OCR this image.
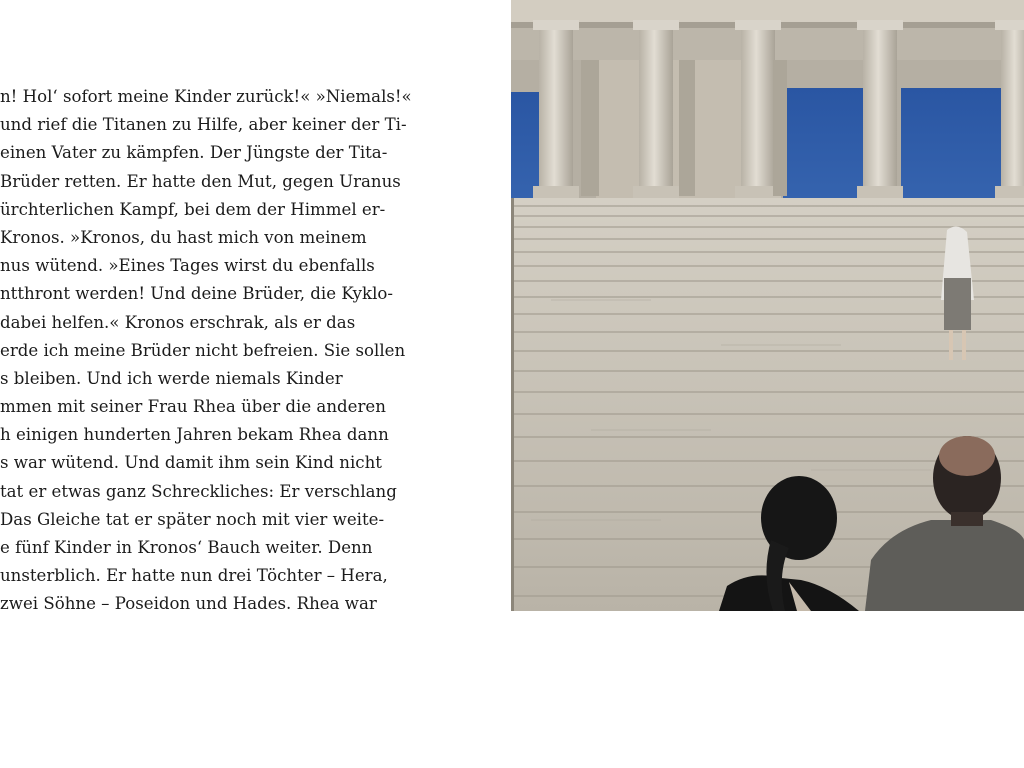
n! Hol‘ sofort meine Kinder zurück!« »Niemals!«
und rief die Titanen zu Hilfe, aber keiner der Ti-
einen Vater zu kämpfen. Der Jüngste der Tita-
Brüder retten. Er hatte den Mut, gegen Uranus
ürchterlichen Kampf, bei dem der Himmel er-
Kronos. »Kronos, du hast mich von meinem
nus wütend. »Eines Tages wirst du ebenfalls
ntthront werden! Und deine Brüder, die Kyklo-
dabei helfen.« Kronos erschrak, als er das
erde ich meine Brüder nicht befreien. Sie sollen
s bleiben. Und ich werde niemals Kinder
mmen mit seiner Frau Rhea über die anderen
h einigen hunderten Jahren bekam Rhea dann
s war wütend. Und damit ihm sein Kind nicht
tat er etwas ganz Schreckliches: Er verschlang
Das Gleiche tat er später noch mit vier weite-
e fünf Kinder in Kronos‘ Bauch weiter. Denn
unsterblich. Er hatte nun drei Töchter – Hera,
zwei Söhne – Poseidon und Hades. Rhea war
